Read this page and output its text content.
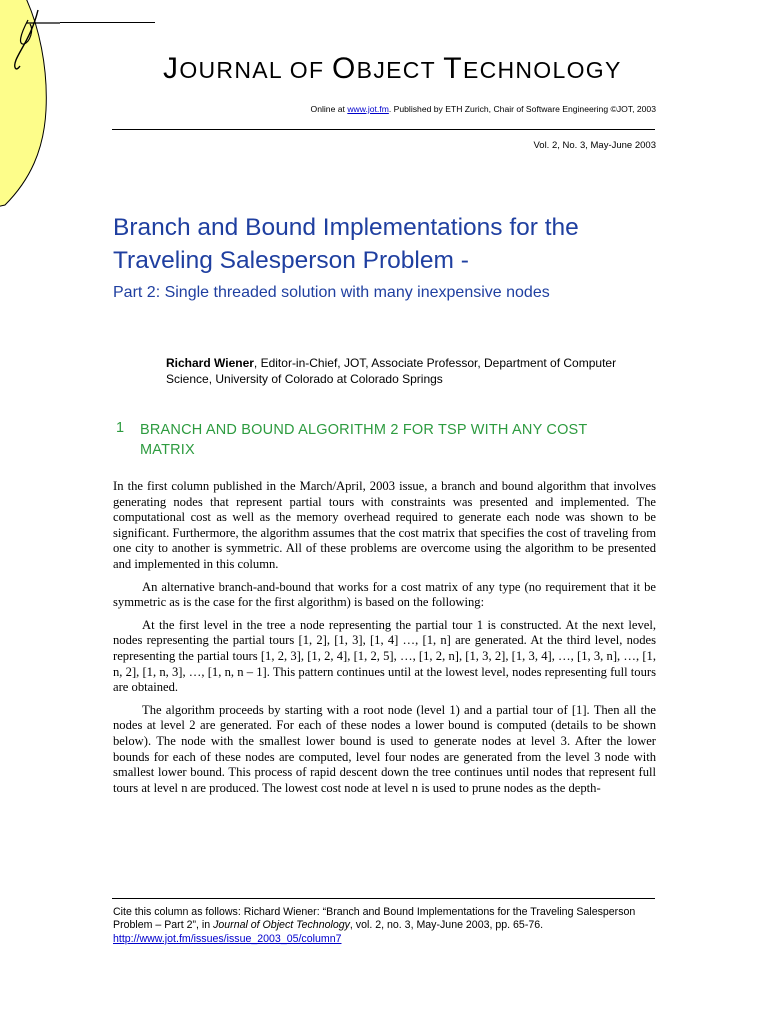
JOURNAL OF OBJECT TECHNOLOGY
Online at www.jot.fm. Published by ETH Zurich, Chair of Software Engineering ©JOT, 2003
Vol. 2, No. 3, May-June 2003
Branch and Bound Implementations for the Traveling Salesperson Problem -
Part 2: Single threaded solution with many inexpensive nodes
Richard Wiener, Editor-in-Chief, JOT, Associate Professor, Department of Computer Science, University of Colorado at Colorado Springs
1 BRANCH AND BOUND ALGORITHM 2 FOR TSP WITH ANY COST MATRIX

In the first column published in the March/April, 2003 issue, a branch and bound algorithm that involves generating nodes that represent partial tours with constraints was presented and implemented. The computational cost as well as the memory overhead required to generate each node was shown to be significant. Furthermore, the algorithm assumes that the cost matrix that specifies the cost of traveling from one city to another is symmetric. All of these problems are overcome using the algorithm to be presented and implemented in this column.

An alternative branch-and-bound that works for a cost matrix of any type (no requirement that it be symmetric as is the case for the first algorithm) is based on the following:

At the first level in the tree a node representing the partial tour 1 is constructed. At the next level, nodes representing the partial tours [1, 2], [1, 3], [1, 4] …, [1, n] are generated. At the third level, nodes representing the partial tours [1, 2, 3], [1, 2, 4], [1, 2, 5], …, [1, 2, n], [1, 3, 2], [1, 3, 4], …, [1, 3, n], …, [1, n, 2], [1, n, 3], …, [1, n, n – 1]. This pattern continues until at the lowest level, nodes representing full tours are obtained.

The algorithm proceeds by starting with a root node (level 1) and a partial tour of [1]. Then all the nodes at level 2 are generated. For each of these nodes a lower bound is computed (details to be shown below). The node with the smallest lower bound is used to generate nodes at level 3. After the lower bounds for each of these nodes are computed, level four nodes are generated from the level 3 node with smallest lower bound. This process of rapid descent down the tree continues until nodes that represent full tours at level n are produced. The lowest cost node at level n is used to prune nodes as the depth-

Cite this column as follows: Richard Wiener: “Branch and Bound Implementations for the Traveling Salesperson Problem – Part 2”, in Journal of Object Technology, vol. 2, no. 3, May-June 2003, pp. 65-76. http://www.jot.fm/issues/issue_2003_05/column7
